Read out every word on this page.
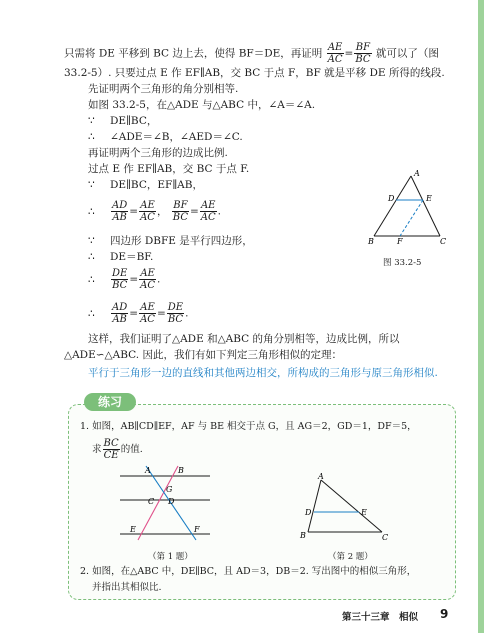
只需将 DE 平移到 BC 边上去，使得 BF＝DE，再证明 $\frac{AE}{AC} = \frac{BF}{BC}$ 就可以了（图
33.2-5）. 只要过点 E 作 EF∥AB，交 BC 于点 F，BF 就是平移 DE 所得的线段.
先证明两个三角形的角分别相等.
如图 33.2-5，在△ADE 与△ABC 中，∠A＝∠A.
∵ DE∥BC，
∴ ∠ADE＝∠B，∠AED＝∠C.
再证明两个三角形的边成比例.
过点 E 作 EF∥AB，交 BC 于点 F.
∵ DE∥BC，EF∥AB，
∴ $\frac{AD}{AB} = \frac{AE}{AC}$ ， $\frac{BF}{BC} = \frac{AE}{AC}$ .
∵ 四边形 DBFE 是平行四边形，
∴ DE＝BF.
∴ $\frac{DE}{BC} = \frac{AE}{AC}$ .
∴ $\frac{AD}{AB} = \frac{AE}{AC} = \frac{DE}{BC}$ .
这样，我们证明了△ADE 和△ABC 的角分别相等，边成比例，所以
△ADE∽△ABC. 因此，我们有如下判定三角形相似的定理：
平行于三角形一边的直线和其他两边相交，所构成的三角形与原三角形相似.
A
D	E
B	F	C
图 33.2-5
练习
1. 如图，AB∥CD∥EF，AF 与 BE 相交于点 G，且 AG＝2，GD＝1，DF＝5，
求 $\frac{BC}{CE}$ 的值.
A	B
G
C D
E	F
（第 1 题）
A
D	E
B	C
（第 2 题）
2. 如图，在△ABC 中，DE∥BC，且 AD＝3，DB＝2. 写出图中的相似三角形，
并指出其相似比.
第三十三章　相似 9
